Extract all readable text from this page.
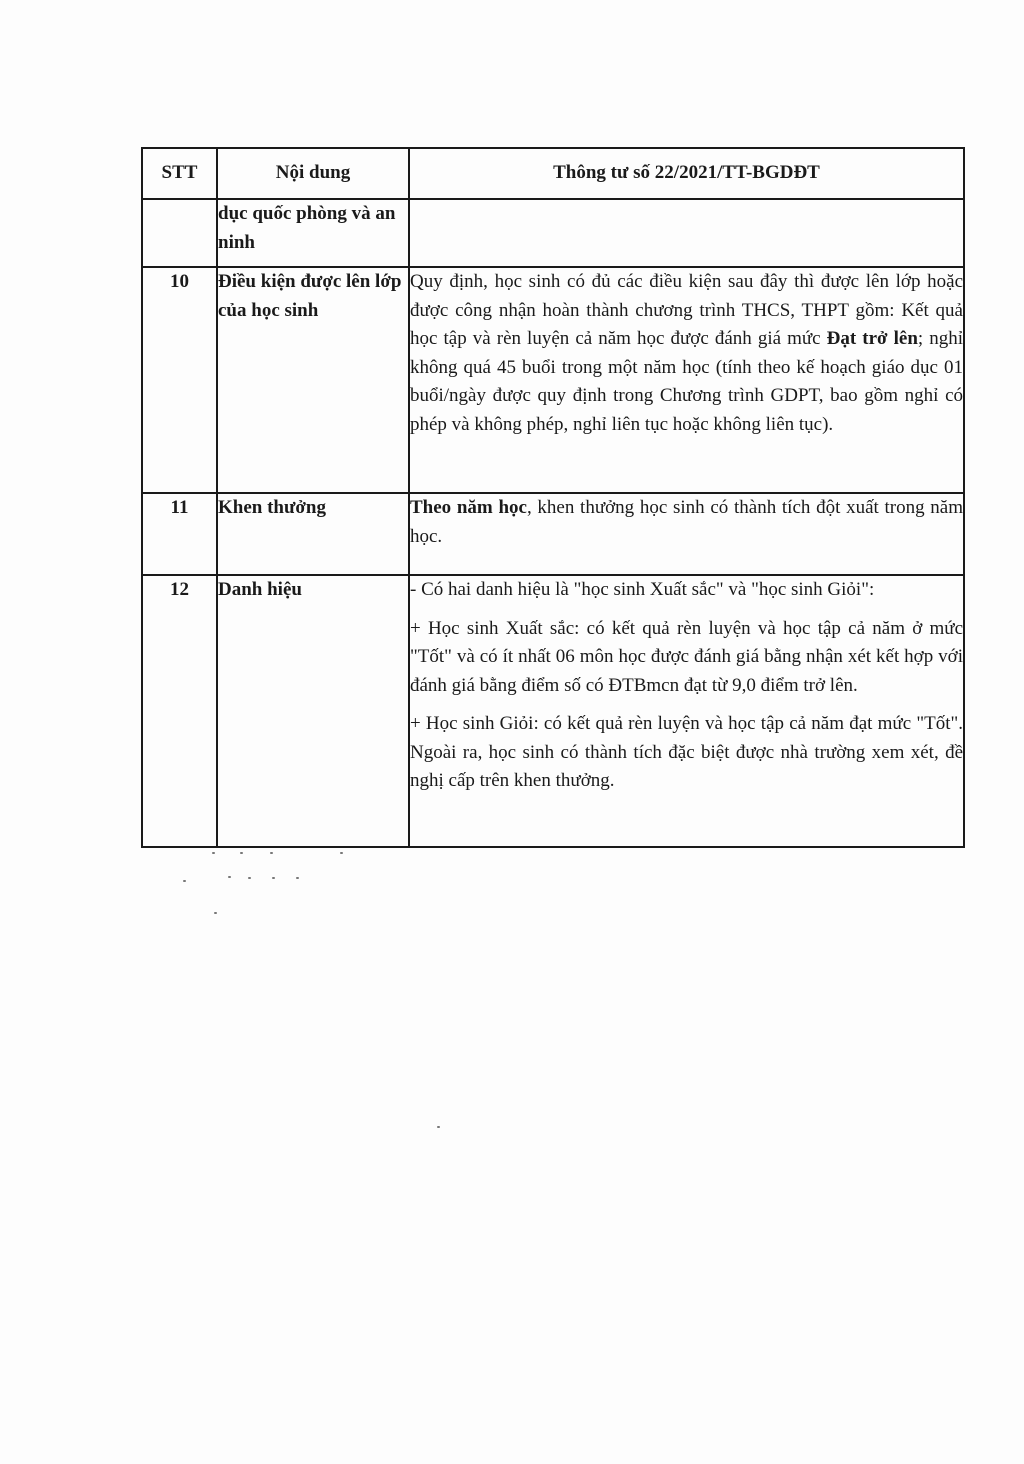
STT	Nội dung	Thông tư số 22/2021/TT-BGDĐT
	dục quốc phòng và an ninh	
10	Điều kiện được lên lớp của học sinh	Quy định, học sinh có đủ các điều kiện sau đây thì được lên lớp hoặc được công nhận hoàn thành chương trình THCS, THPT gồm: Kết quả học tập và rèn luyện cả năm học được đánh giá mức Đạt trở lên; nghỉ không quá 45 buổi trong một năm học (tính theo kế hoạch giáo dục 01 buổi/ngày được quy định trong Chương trình GDPT, bao gồm nghỉ có phép và không phép, nghỉ liên tục hoặc không liên tục).
11	Khen thưởng	Theo năm học, khen thưởng học sinh có thành tích đột xuất trong năm học.
12	Danh hiệu	- Có hai danh hiệu là "học sinh Xuất sắc" và "học sinh Giỏi":

+ Học sinh Xuất sắc: có kết quả rèn luyện và học tập cả năm ở mức "Tốt" và có ít nhất 06 môn học được đánh giá bằng nhận xét kết hợp với đánh giá bằng điểm số có ĐTBmcn đạt từ 9,0 điểm trở lên.

+ Học sinh Giỏi: có kết quả rèn luyện và học tập cả năm đạt mức "Tốt". Ngoài ra, học sinh có thành tích đặc biệt được nhà trường xem xét, đề nghị cấp trên khen thưởng.
